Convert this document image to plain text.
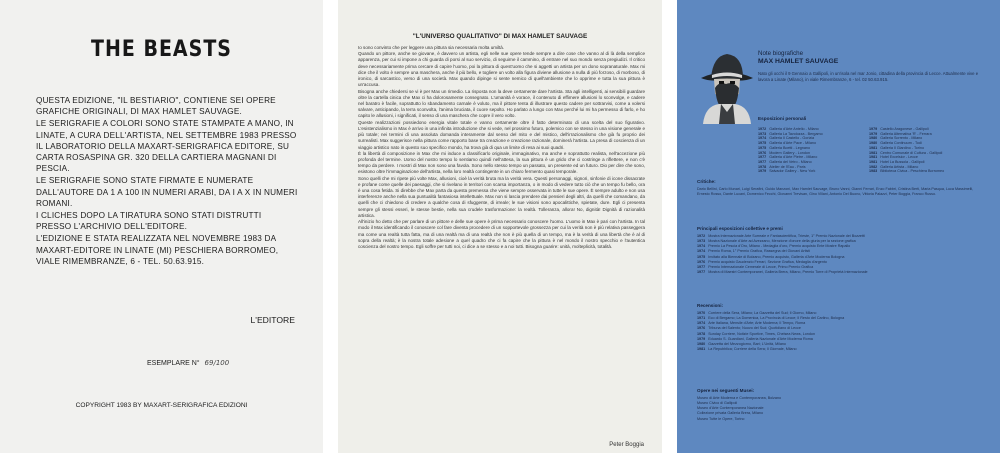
THE BEASTS

QUESTA EDIZIONE, "IL BESTIARIO", CONTIENE SEI OPERE GRAFICHE ORIGINALI, DI MAX HAMLET SAUVAGE.

LE SERIGRAFIE A COLORI SONO STATE STAMPATE A MANO, IN LINATE, A CURA DELL'ARTISTA, NEL SETTEMBRE 1983 PRESSO IL LABORATORIO DELLA MAXART-SERIGRAFICA EDITORE, SU CARTA ROSASPINA GR. 320 DELLA CARTIERA MAGNANI DI PESCIA.

LE SERIGRAFIE SONO STATE FIRMATE E NUMERATE DALL'AUTORE DA 1 A 100 IN NUMERI ARABI, DA I A X IN NUMERI ROMANI.

I CLICHES DOPO LA TIRATURA SONO STATI DISTRUTTI PRESSO L'ARCHIVIO DELL'EDITORE.

L'EDIZIONE E STATA REALIZZATA NEL NOVEMBRE 1983 DA MAXART-EDITORE IN LINATE (MI) PESCHIERA BORROMEO, VIALE RIMEMBRANZE, 6 - TEL. 50.63.915.

L'EDITORE
ESEMPLARE N° 69/100
COPYRIGHT 1983 BY MAXART-SERIGRAFICA EDIZIONI
"L'UNIVERSO QUALITATIVO" DI MAX HAMLET SAUVAGE

Io sono convinto che per leggere una pittura sia necessaria molta umiltà.

Quando un pittore, anche se giovane, è davvero un artista, egli nelle sue opere tende sempre a dire cose che vanno al di là della semplice apparenza, per cui si impone a chi guarda di porsi al suo servizio, di seguirne il cammino, di entrare nel suo mondo senza pregiudizi. Il critico deve necessariamente prima cercare di capire l'uomo, poi la pittura di quest'uomo che si aggetti un artista per un dono sopranaturale. Max mi dice che il volto è sempre una maschera, anche il più bello, e togliere un volto alla figura diviene allusione a nulla di più forzoso, di morboso, di ironico, di sarcastico, verso di una società. Max quando dipinge si sente nemico di quell'ambiente che lo opprime e tutta la sua pittura è un'accusa.

Bisogna anche chiedersi se vi è per Max un rimedio. La risposta non la deve certamente dare l'artista. Sta agli intelligenti, ai sensibili guardare oltre la cartella cinica che Max ci ha dolorosamente consegnato. L'umanità è vorace, il contenuto di effimere allusioni lo sconvolge, e cadere nel baratro è facile, soprattutto lo sbandamento carnale è voluto, ma il pittore tenta di illustrare questo cadere per sottrarvisi, come a volersi salvare, anticipando, la terra sconvolta, l'anima bruciata, il cuore sepolto. Ho parlato a lungo con Max perché lui mi ha permesso di farlo, e ho capito le allusioni, i significati, il senso di una maschera che copre il vero volto.

Queste realizzazioni possiedono energia vitale totale e vanno certamente oltre il fatto determinato di una scelta del suo figurativo. L'esistenzialismo in Max è arrivo in una infinita introduzione che si vede, nel prossimo futuro, polemico con se stesso in una visione generale e più totale; nei termini di una assoluta domanda interamente dal senso del mito e del mistico, dell'irrazionalismo che già fu proprio dei surrealisti. Max suggerisce nella pittura come rapporto base tra creazione e creazione razionale, dominerà l'artista. La presa di coscienza di un viaggio artistico nato in questo suo specifico mondo, ha trova già di qua un limite di resa ai suoi quadri.

È la libertà di composizione in Max che mi induce a classificarlo originale, immaginativo, ma anche e soprattutto realista, nell'accezione più profonda del termine. Uomo del nostro tempo lo sentiamo quindi nell'attesa, la sua pittura è un grido che ci costringe a riflettere, e non c'è tempo da perdere. I mostri di Max non sono una favola. Sono nello stesso tempo un passato, un presente ed un futuro. Dio per dire che sono, esistono oltre l'immaginazione dell'artista, nella loro realtà contingente in un chiaro fermento quasi temporale.

Sono quelli che mi ripete più volte Max, allusioni, cioè la verità bruta ma la verità vera. Questi personaggi, signori, sinfonie di icone dissacrate e profane come quelle dei paesaggi, che si rivelano in territori con scarsa importanza, o in modo di vedere tutto ciò che un tempo fu bello, ora è una cosa fetida. Si direbbe che Max parta da questa premessa che viene sempre osservata in tutte le sue opere. È sempre adulto e non usa interferenze anche nella sua puntualità fantasiosa intellettuale. Max non si lascia prendere dai pensieri degli altri, da quelli che comandano, da quelli che ci chiedono di credere a qualche cosa di sfuggente, di irreale; le sue visioni sono apocalittiche, spietate, dure. Egli ci presenta sempre gli stessi esseri, le stesse bestie, nella sua crudele trasformazione: la realtà. Tolleranza, allora! No, dignità! Dignità di razionalità artistica.

All'inizio ho detto che per parlare di un pittore e delle sue opere è prima necessario conoscere l'uomo. L'uomo in Max è pari con l'artista. In tal modo il Max identificando il conoscere col fare diventa procedere di un sopportevole grossezza per cui la verità non è più relativa passeggera ma come una realtà tutta fatta, ma di una realtà ma di una realtà che non è più quella di un tempo, ma è la verità di una libertà che è al di sopra della realtà; è la nostra totale adesione a quel quadro che ci fa capire che la pittura è nel mondo il nostro specchio e l'autentica coscienza del nostro tempo. Egli soffre per tutti noi, ci dice a se stesso e a noi tutti. Bisogna guarire: unità, molteplicità, totalità.

Peter Boggia
Note biografiche
MAX HAMLET SAUVAGE
Nato gli occhi il 9 Gennaio a Gallipoli, in un'isola nel mar Jonio, cittadina della provincia di Lecce. Attualmente vive e lavora a Linate (Milano), in viale Rimembranze, 6 - tel. 02 50.63.915.
Esposizioni personali
1972 Galleria d'Arte Antelio - Milano
1973 Galleria La Tavolozza - Bergamo
1974 Galleria Il Castello - Gorizia
1975 Galleria d'Arte Pace - Milano
1975 Galleria Boetti - Legnano
1976 Modern Gallery - London
1977 Galleria d'Arte Pietre - Milano
1977 Galleria del Vetro - Milano
1978 Atelier de l'Eau - Paris
1979 Salvador Gallery - New York
1979 Castello Aragonese - Gallipoli
1979 Galleria Alternativa 'R' - Ferrara
1980 Galleria Sorrento - Milano
1980 Galleria Continuum - Todi
1981 Galleria Il Giardino - Torino
1981 Centro Comunale di Cultura - Gallipoli
1981 Hotel Excelsior - Lecce
1981 Hotel La Bussola - Gallipoli
1982 Galleria Artista - Milano
1983 Biblioteca Civica - Peschiera Borromeo
Critiche:
Dario Bellini, Carlo Munari, Luigi Serafini, Guido Manzoni, Max Hamlet Sauvage, Bruno Vanni, Gianni Ferrari, Enzo Fabbri, Cristina Berti, Maria Pasqua, Luca Massimelli, Ernesto Rosso, Dante Lucani, Domenico Fecchi, Giovanni Trevisan, Gino Villani, Antonio Del Buono, Vittoria Palazzi, Peter Boggia, Franco Russo.
Principali esposizioni collettive e premi
1972 Mostra Internazionale Arte Surreale e Fantascientifica, Trieste, 1° Premio Nazionale dei Bozzetti
1973 Mostra Nazionale d'Arte ad Avezzano, Menzione d'onore della giuria per la sezione grafica
1974 Premio La Pescia d'Oro, Milano - Medaglia d'oro, Premio acquisto Ente Mostre Rapallo
1974 Premio Roma, 1° Premio Grafica, Rassegna dei Giovani Artisti
1975 Invitato alla Biennale di Bolzano, Premio acquisto, Galleria d'Arte Moderna Bologna
1976 Premio acquisto Gaudenzio Ferrari, Sezione Grafica, Medaglia d'argento
1977 Premio Internazionale Cemerale di Lecce, Primo Premio Grafica
1977 Mostra di Maestri Contemporanei, Galleria Brera, Milano, Premio Torre di Proprietà Internazionale
Recensioni:
1970 Corriere della Sera, Milano; La Gazzetta del Sud; Il Giorno, Milano
1971 Eco di Bergamo; La Domenica, La Provincia di Lecce; Il Resto del Carlino, Bologna
1974 Arte Italiana, Mensile d'Arte; Arte Moderna; Il Tempo, Roma
1976 Tribuna del Salento; Nuovo del Sud; Quotidiano di Lecce
1978 Sunday Corriere, Notizie Sportive, Times, Chelsea News, London
1979 Eduardo S. Guardiani, Galleria Nazionale d'Arte Moderna Roma
1980 Gazzetta del Mezzogiorno, Bari; L'Unità, Milano
1981 La Repubblica; Corriere della Sera; Il Giornale, Milano
Opere nei seguenti Musei:
Museo di Arte Moderna e Contemporanea, Bolzano
Museo Civico di Gallipoli
Museo d'Arte Contemporanea Nazionale
Collezione privata Galleria Brera, Milano
Museo Tutte le Opere, Torino
